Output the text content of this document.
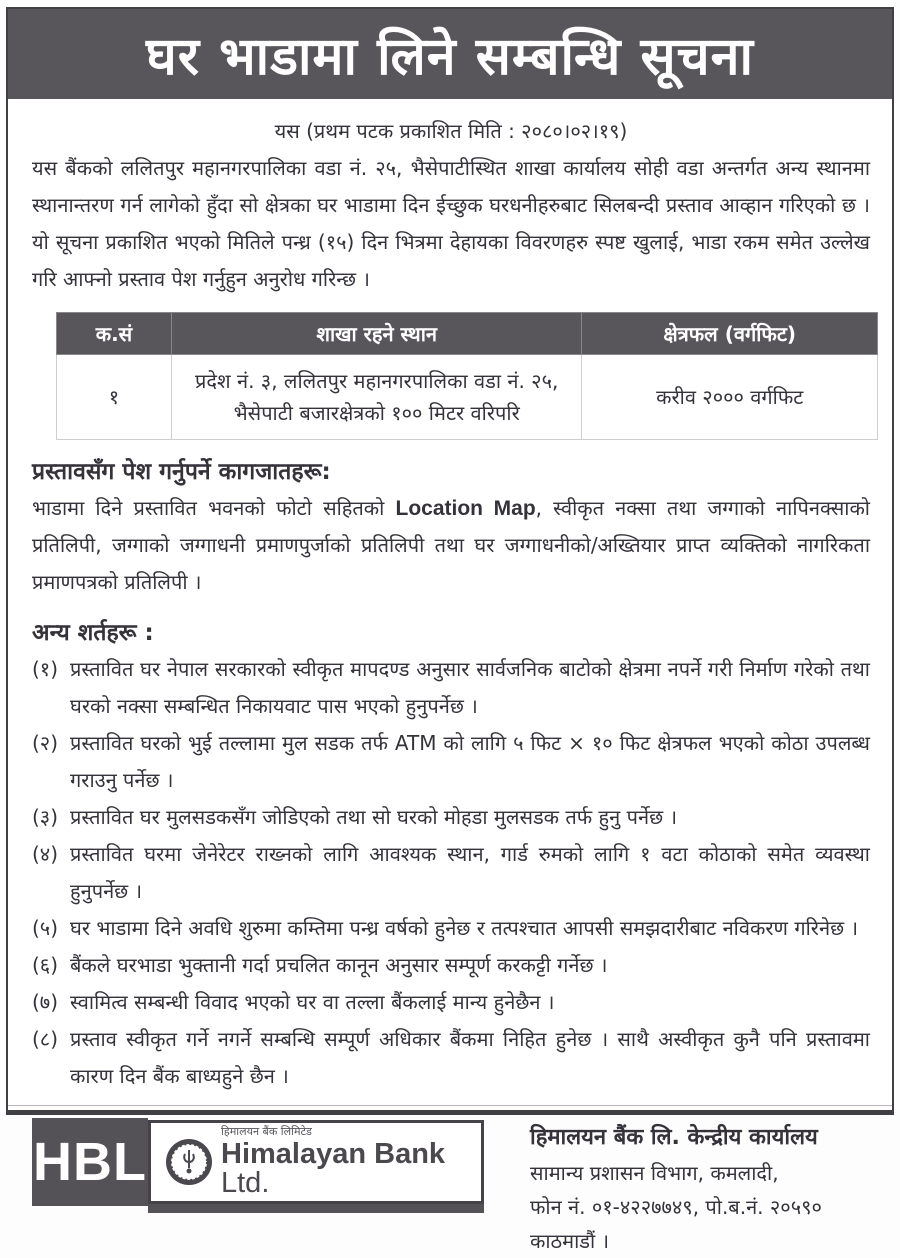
घर भाडामा लिने सम्बन्धि सूचना
यस (प्रथम पटक प्रकाशित मिति : २०८०।०२।१९)

यस बैंकको ललितपुर महानगरपालिका वडा नं. २५, भैसेपाटीस्थित शाखा कार्यालय सोही वडा अन्तर्गत अन्य स्थानमा स्थानान्तरण गर्न लागेको हुँदा सो क्षेत्रका घर भाडामा दिन ईच्छुक घरधनीहरुबाट सिलबन्दी प्रस्ताव आव्हान गरिएको छ । यो सूचना प्रकाशित भएको मितिले पन्ध्र (१५) दिन भित्रमा देहायका विवरणहरु स्पष्ट खुलाई, भाडा रकम समेत उल्लेख गरि आफ्नो प्रस्ताव पेश गर्नुहुन अनुरोध गरिन्छ ।

क.सं	शाखा रहने स्थान	क्षेत्रफल (वर्गफिट)
१	प्रदेश नं. ३, ललितपुर महानगरपालिका वडा नं. २५,
भैसेपाटी बजारक्षेत्रको १०० मिटर वरिपरि	करीव २००० वर्गफिट
प्रस्तावसँग पेश गर्नुपर्ने कागजातहरू:

भाडामा दिने प्रस्तावित भवनको फोटो सहितको Location Map, स्वीकृत नक्सा तथा जग्गाको नापिनक्साको प्रतिलिपी, जग्गाको जग्गाधनी प्रमाणपुर्जाको प्रतिलिपी तथा घर जग्गाधनीको/अख्तियार प्राप्त व्यक्तिको नागरिकता प्रमाणपत्रको प्रतिलिपी ।

अन्य शर्तहरू :
(१) प्रस्तावित घर नेपाल सरकारको स्वीकृत मापदण्ड अनुसार सार्वजनिक बाटोको क्षेत्रमा नपर्ने गरी निर्माण गरेको तथा घरको नक्सा सम्बन्धित निकायवाट पास भएको हुनुपर्नेछ ।
(२) प्रस्तावित घरको भुई तल्लामा मुल सडक तर्फ ATM को लागि ५ फिट × १० फिट क्षेत्रफल भएको कोठा उपलब्ध गराउनु पर्नेछ ।
(३) प्रस्तावित घर मुलसडकसँग जोडिएको तथा सो घरको मोहडा मुलसडक तर्फ हुनु पर्नेछ ।
(४) प्रस्तावित घरमा जेनेरेटर राख्नको लागि आवश्यक स्थान, गार्ड रुमको लागि १ वटा कोठाको समेत व्यवस्था हुनुपर्नेछ ।
(५) घर भाडामा दिने अवधि शुरुमा कम्तिमा पन्ध्र वर्षको हुनेछ र तत्पश्चात आपसी समझदारीबाट नविकरण गरिनेछ ।
(६) बैंकले घरभाडा भुक्तानी गर्दा प्रचलित कानून अनुसार सम्पूर्ण करकट्टी गर्नेछ ।
(७) स्वामित्व सम्बन्धी विवाद भएको घर वा तल्ला बैंकलाई मान्य हुनेछैन ।
(८) प्रस्ताव स्वीकृत गर्ने नगर्ने सम्बन्धि सम्पूर्ण अधिकार बैंकमा निहित हुनेछ । साथै अस्वीकृत कुनै पनि प्रस्तावमा कारण दिन बैंक बाध्यहुने छैन ।
HBL
हिमालयन बैंक लिमिटेड
Himalayan Bank Ltd.
हिमालयन बैंक लि. केन्द्रीय कार्यालय
सामान्य प्रशासन विभाग, कमलादी,
फोन नं. ०१-४२२७७४९, पो.ब.नं. २०५९० काठमाडौं ।
